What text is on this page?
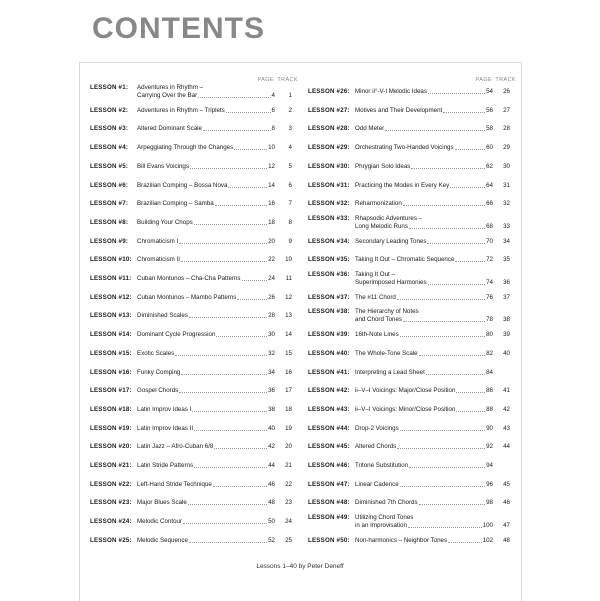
CONTENTS
PAGE TRACK
LESSON #1: Adventures in Rhythm –
Carrying Over the Bar	4	1
LESSON #2: Adventures in Rhythm – Triplets	6	2
LESSON #3: Altered Dominant Scale	8	3
LESSON #4: Arpeggiating Through the Changes	10	4
LESSON #5: Bill Evans Voicings	12	5
LESSON #6: Brazilian Comping – Bossa Nova	14	6
LESSON #7: Brazilian Comping – Samba	16	7
LESSON #8: Building Your Chops	18	8
LESSON #9: Chromaticism I	20	9
LESSON #10: Chromaticism II	22	10
LESSON #11: Cuban Montunos – Cha-Cha Patterns	24	11
LESSON #12: Cuban Montunos – Mambo Patterns	26	12
LESSON #13: Diminished Scales	28	13
LESSON #14: Dominant Cycle Progression	30	14
LESSON #15: Exotic Scales	32	15
LESSON #16: Funky Comping	34	16
LESSON #17: Gospel Chords	36	17
LESSON #18: Latin Improv Ideas I	38	18
LESSON #19: Latin Improv Ideas II	40	19
LESSON #20: Latin Jazz – Afro-Cuban 6/8	42	20
LESSON #21: Latin Stride Patterns	44	21
LESSON #22: Left-Hand Stride Technique	46	22
LESSON #23: Major Blues Scale	48	23
LESSON #24: Melodic Contour	50	24
LESSON #25: Melodic Sequence	52	25
PAGE TRACK
LESSON #26: Minor ii°-V-I Melodic Ideas	54	26
LESSON #27: Motives and Their Development	56	27
LESSON #28: Odd Meter	58	28
LESSON #29: Orchestrating Two-Handed Voicings	60	29
LESSON #30: Phrygian Solo Ideas	62	30
LESSON #31: Practicing the Modes in Every Key	64	31
LESSON #32: Reharmonization	66	32
LESSON #33: Rhapsodic Adventures –
Long Melodic Runs	68	33
LESSON #34: Secondary Leading Tones	70	34
LESSON #35: Taking It Out – Chromatic Sequence	72	35
LESSON #36: Taking It Out –
Superimposed Harmonies	74	36
LESSON #37: The #11 Chord	76	37
LESSON #38: The Hierarchy of Notes
and Chord Tones	78	38
LESSON #39: 16th-Note Lines	80	39
LESSON #40: The Whole-Tone Scale	82	40
LESSON #41: Interpreting a Lead Sheet	84
LESSON #42: ii–V–I Voicings: Major/Close Position	86	41
LESSON #43: ii–V–I Voicings: Minor/Close Position	88	42
LESSON #44: Drop-2 Voicings	90	43
LESSON #45: Altered Chords	92	44
LESSON #46: Tritone Substitution	94
LESSON #47: Linear Cadence	96	45
LESSON #48: Diminished 7th Chords	98	46
LESSON #49: Utilizing Chord Tones
in an Improvisation	100	47
LESSON #50: Non-harmonics – Neighbor Tones	102	48
Lessons 1–40 by Peter Deneff
